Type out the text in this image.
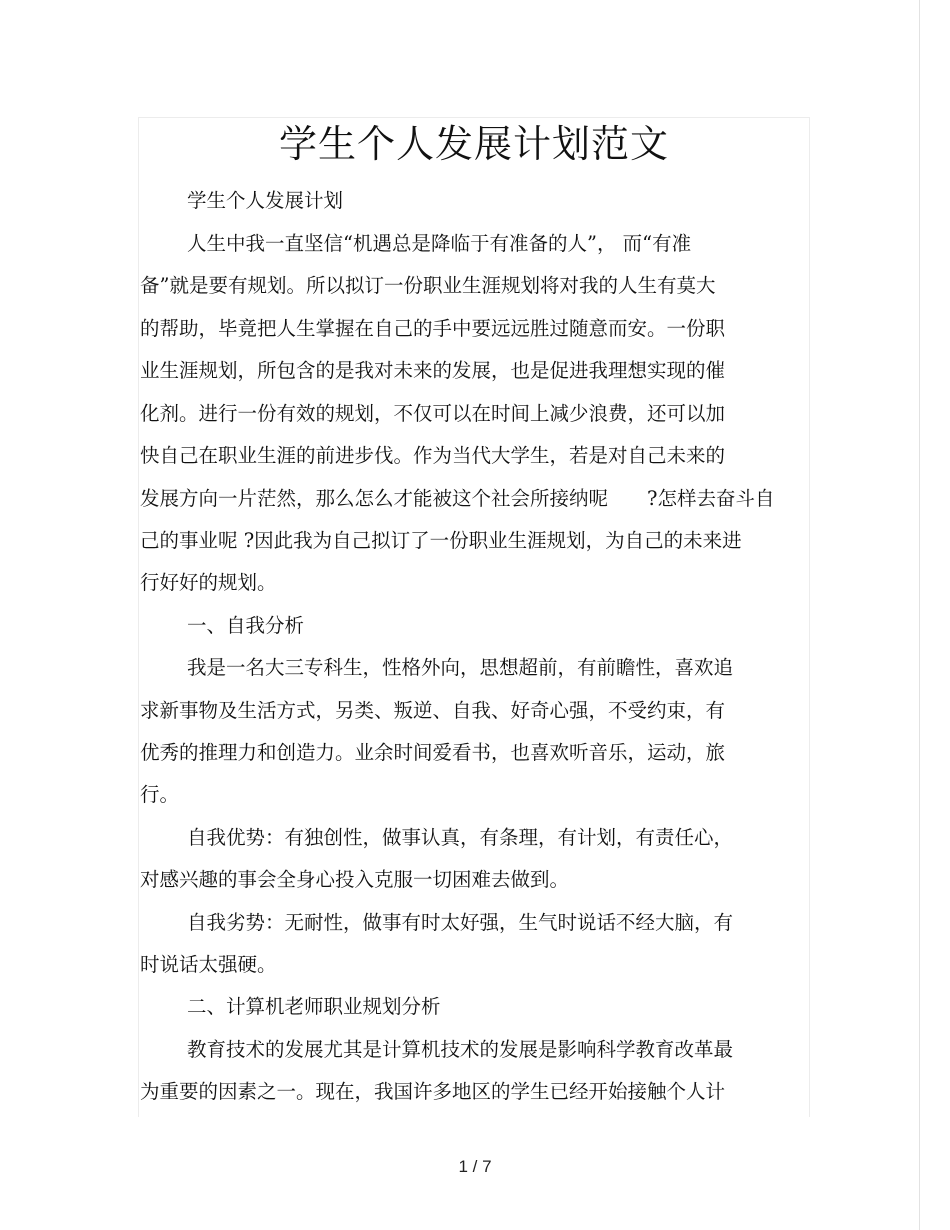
学生个人发展计划范文
学生个人发展计划
人生中我一直坚信“机遇总是降临于有准备的人”， 而“有准
备”就是要有规划。所以拟订一份职业生涯规划将对我的人生有莫大
的帮助，毕竟把人生掌握在自己的手中要远远胜过随意而安。一份职
业生涯规划，所包含的是我对未来的发展，也是促进我理想实现的催
化剂。进行一份有效的规划，不仅可以在时间上减少浪费，还可以加
快自己在职业生涯的前进步伐。作为当代大学生，若是对自己未来的
发展方向一片茫然，那么怎么才能被这个社会所接纳呢　　?怎样去奋斗自
己的事业呢 ?因此我为自己拟订了一份职业生涯规划，为自己的未来进
行好好的规划。
一、自我分析
我是一名大三专科生，性格外向，思想超前，有前瞻性，喜欢追
求新事物及生活方式，另类、叛逆、自我、好奇心强，不受约束，有
优秀的推理力和创造力。业余时间爱看书，也喜欢听音乐，运动，旅
行。
自我优势：有独创性，做事认真，有条理，有计划，有责任心，
对感兴趣的事会全身心投入克服一切困难去做到。
自我劣势：无耐性，做事有时太好强，生气时说话不经大脑，有
时说话太强硬。
二、计算机老师职业规划分析
教育技术的发展尤其是计算机技术的发展是影响科学教育改革最
为重要的因素之一。现在，我国许多地区的学生已经开始接触个人计
1 / 7
